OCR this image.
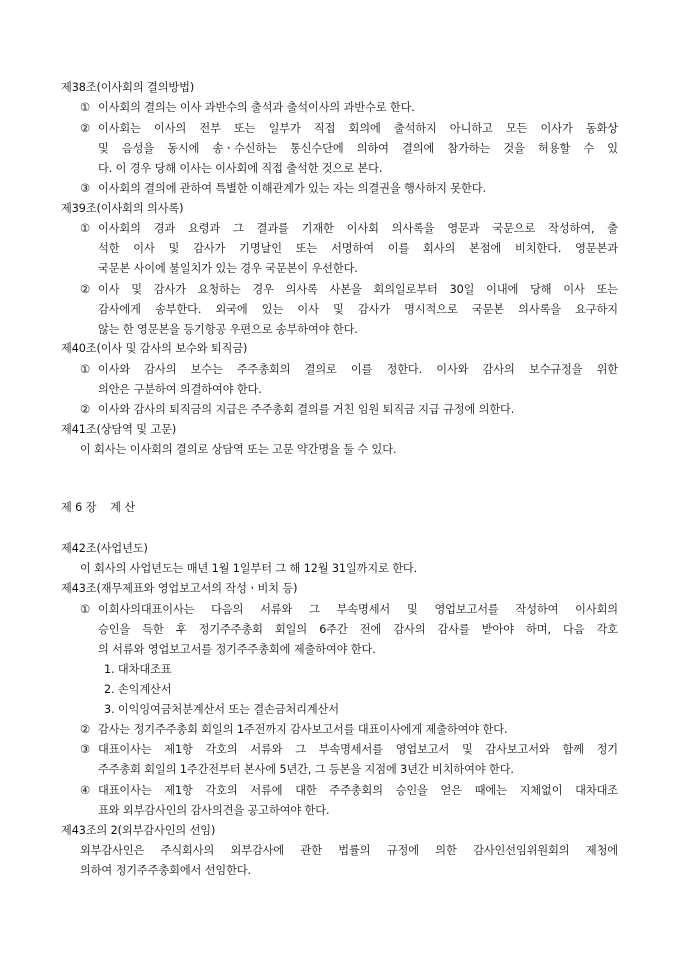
제38조(이사회의 결의방법)
① 이사회의 결의는 이사 과반수의 출석과 출석이사의 과반수로 한다.
② 이사회는 이사의 전부 또는 일부가 직접 회의에 출석하지 아니하고 모든 이사가 동화상
및 음성을 동시에 송ㆍ수신하는 통신수단에 의하여 결의에 참가하는 것을 허용할 수 있
다. 이 경우 당해 이사는 이사회에 직접 출석한 것으로 본다.
③ 이사회의 결의에 관하여 특별한 이해관계가 있는 자는 의결권을 행사하지 못한다.
제39조(이사회의 의사록)
① 이사회의 경과 요령과 그 결과를 기재한 이사회 의사록을 영문과 국문으로 작성하여, 출
석한 이사 및 감사가 기명날인 또는 서명하여 이를 회사의 본점에 비치한다. 영문본과
국문본 사이에 불일치가 있는 경우 국문본이 우선한다.
② 이사 및 감사가 요청하는 경우 의사록 사본을 회의일로부터 30일 이내에 당해 이사 또는
감사에게 송부한다. 외국에 있는 이사 및 감사가 명시적으로 국문본 의사록을 요구하지
않는 한 영문본을 등기항공 우편으로 송부하여야 한다.
제40조(이사 및 감사의 보수와 퇴직금)
① 이사와 감사의 보수는 주주총회의 결의로 이를 정한다. 이사와 감사의 보수규정을 위한
의안은 구분하여 의결하여야 한다.
② 이사와 감사의 퇴직금의 지급은 주주총회 결의를 거친 임원 퇴직금 지급 규정에 의한다.
제41조(상담역 및 고문)
이 회사는 이사회의 결의로 상담역 또는 고문 약간명을 둘 수 있다.
제 6 장    계 산
제42조(사업년도)
이 회사의 사업년도는 매년 1월 1일부터 그 해 12월 31일까지로 한다.
제43조(재무제표와 영업보고서의 작성ㆍ비치 등)
① 이회사의대표이사는 다음의 서류와 그 부속명세서 및 영업보고서를 작성하여 이사회의
승인을 득한 후 정기주주총회 회일의 6주간 전에 감사의 감사를 받아야 하며, 다음 각호
의 서류와 영업보고서를 정기주주총회에 제출하여야 한다.
1. 대차대조표
2. 손익계산서
3. 이익잉여금처분계산서 또는 결손금처리계산서
② 감사는 정기주주총회 회일의 1주전까지 감사보고서를 대표이사에게 제출하여야 한다.
③ 대표이사는 제1항 각호의 서류와 그 부속명세서를 영업보고서 및 감사보고서와 함께 정기
주주총회 회일의 1주간전부터 본사에 5년간, 그 등본을 지점에 3년간 비치하여야 한다.
④ 대표이사는 제1항 각호의 서류에 대한 주주총회의 승인을 얻은 때에는 지체없이 대차대조
표와 외부감사인의 감사의견을 공고하여야 한다.
제43조의 2(외부감사인의 선임)
외부감사인은 주식회사의 외부감사에 관한 법률의 규정에 의한 감사인선임위원회의 제청에
의하여 정기주주총회에서 선임한다.
